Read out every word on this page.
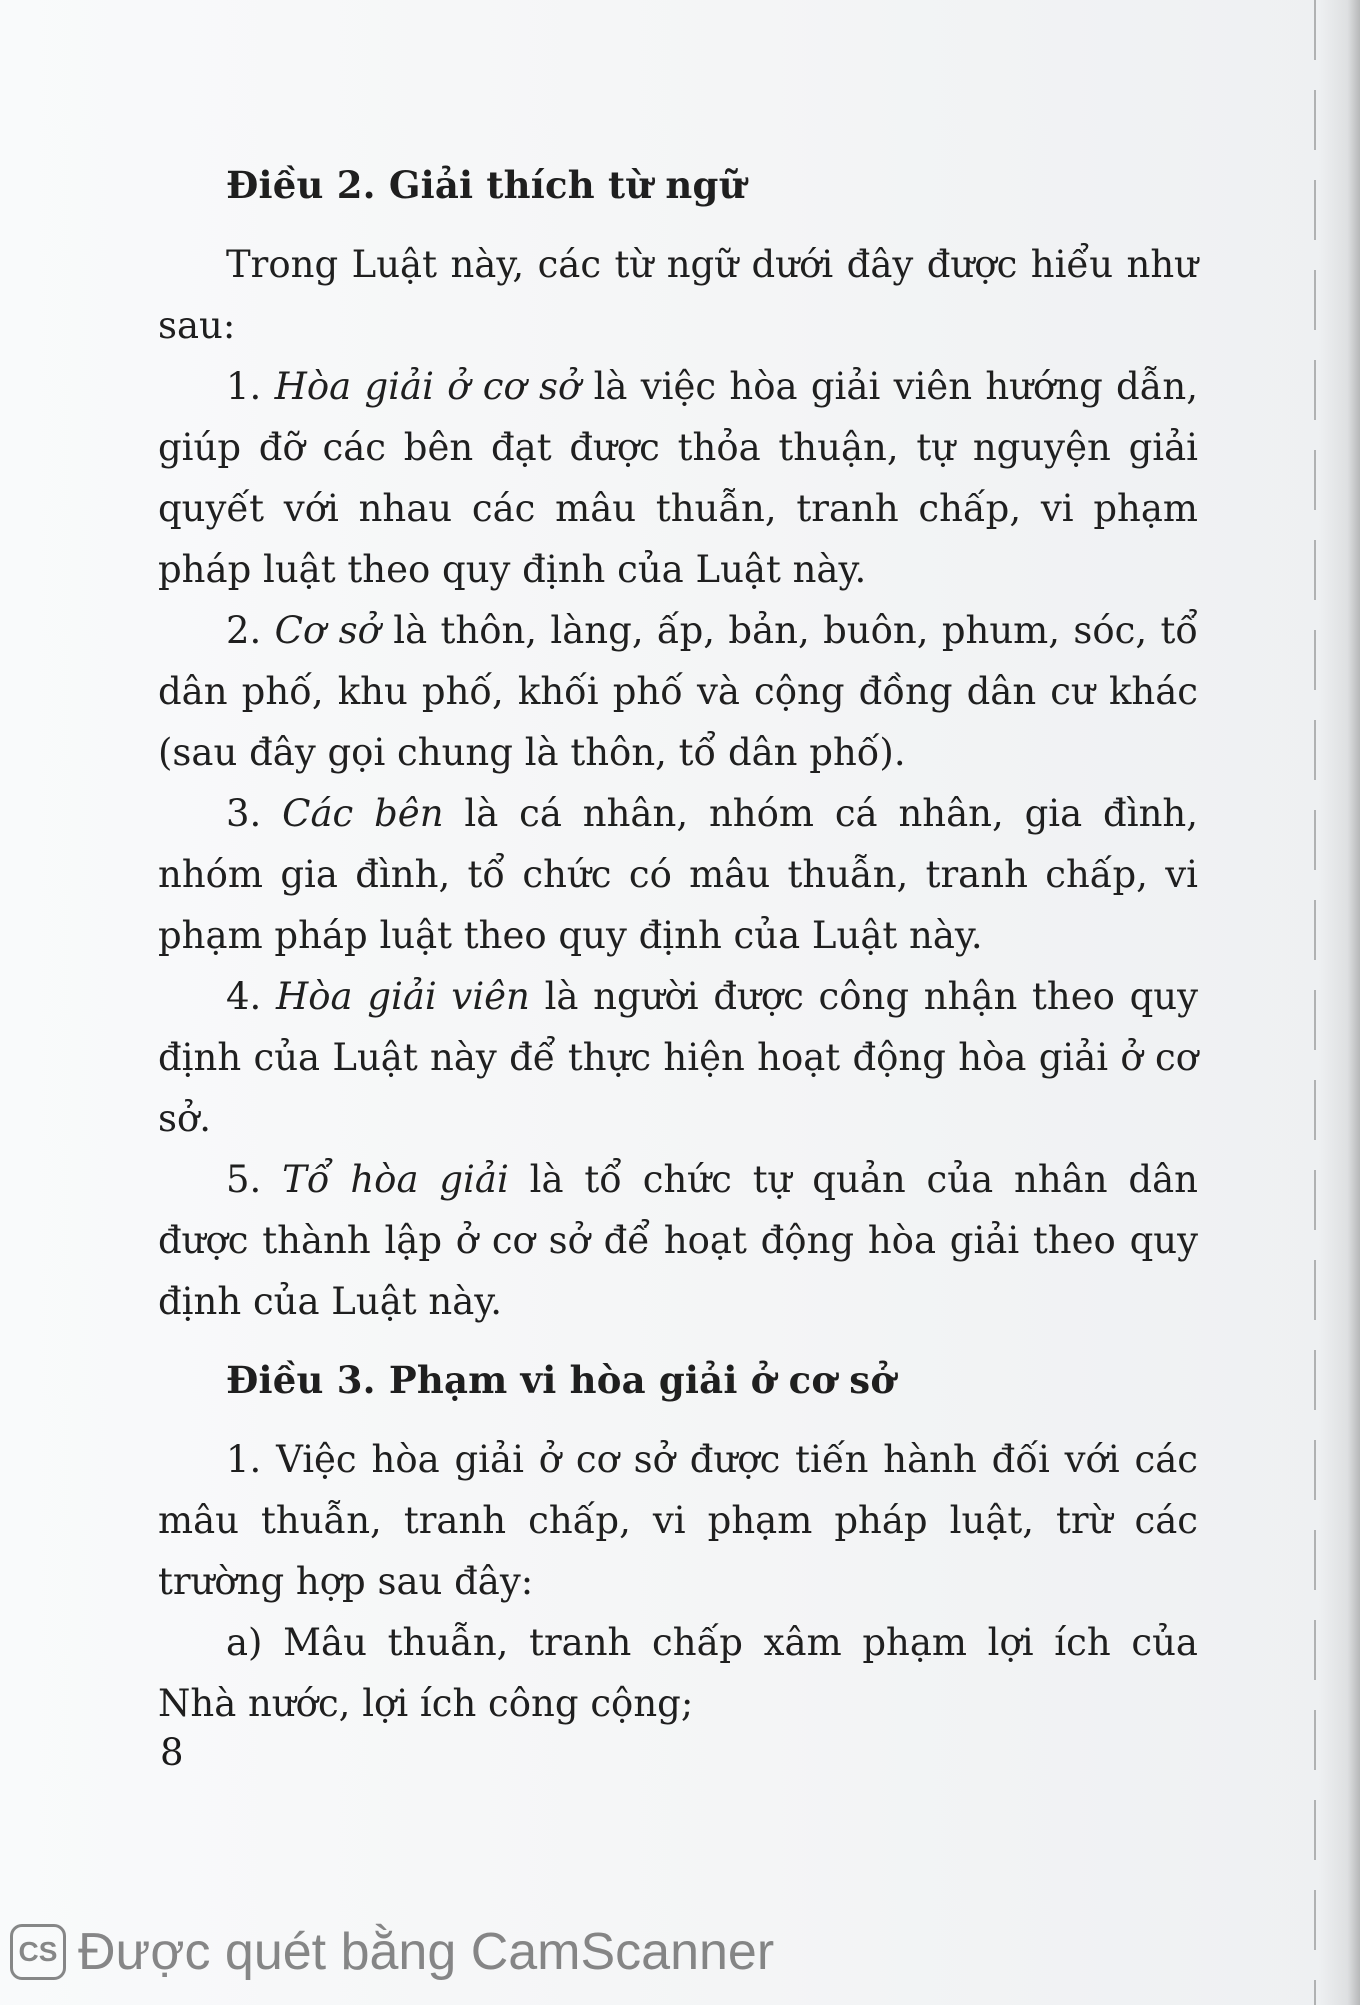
Điều 2. Giải thích từ ngữ

Trong Luật này, các từ ngữ dưới đây được hiểu như sau:

1. Hòa giải ở cơ sở là việc hòa giải viên hướng dẫn, giúp đỡ các bên đạt được thỏa thuận, tự nguyện giải quyết với nhau các mâu thuẫn, tranh chấp, vi phạm pháp luật theo quy định của Luật này.

2. Cơ sở là thôn, làng, ấp, bản, buôn, phum, sóc, tổ dân phố, khu phố, khối phố và cộng đồng dân cư khác (sau đây gọi chung là thôn, tổ dân phố).

3. Các bên là cá nhân, nhóm cá nhân, gia đình, nhóm gia đình, tổ chức có mâu thuẫn, tranh chấp, vi phạm pháp luật theo quy định của Luật này.

4. Hòa giải viên là người được công nhận theo quy định của Luật này để thực hiện hoạt động hòa giải ở cơ sở.

5. Tổ hòa giải là tổ chức tự quản của nhân dân được thành lập ở cơ sở để hoạt động hòa giải theo quy định của Luật này.

Điều 3. Phạm vi hòa giải ở cơ sở

1. Việc hòa giải ở cơ sở được tiến hành đối với các mâu thuẫn, tranh chấp, vi phạm pháp luật, trừ các trường hợp sau đây:

a) Mâu thuẫn, tranh chấp xâm phạm lợi ích của Nhà nước, lợi ích công cộng;

8
CS Được quét bằng CamScanner
